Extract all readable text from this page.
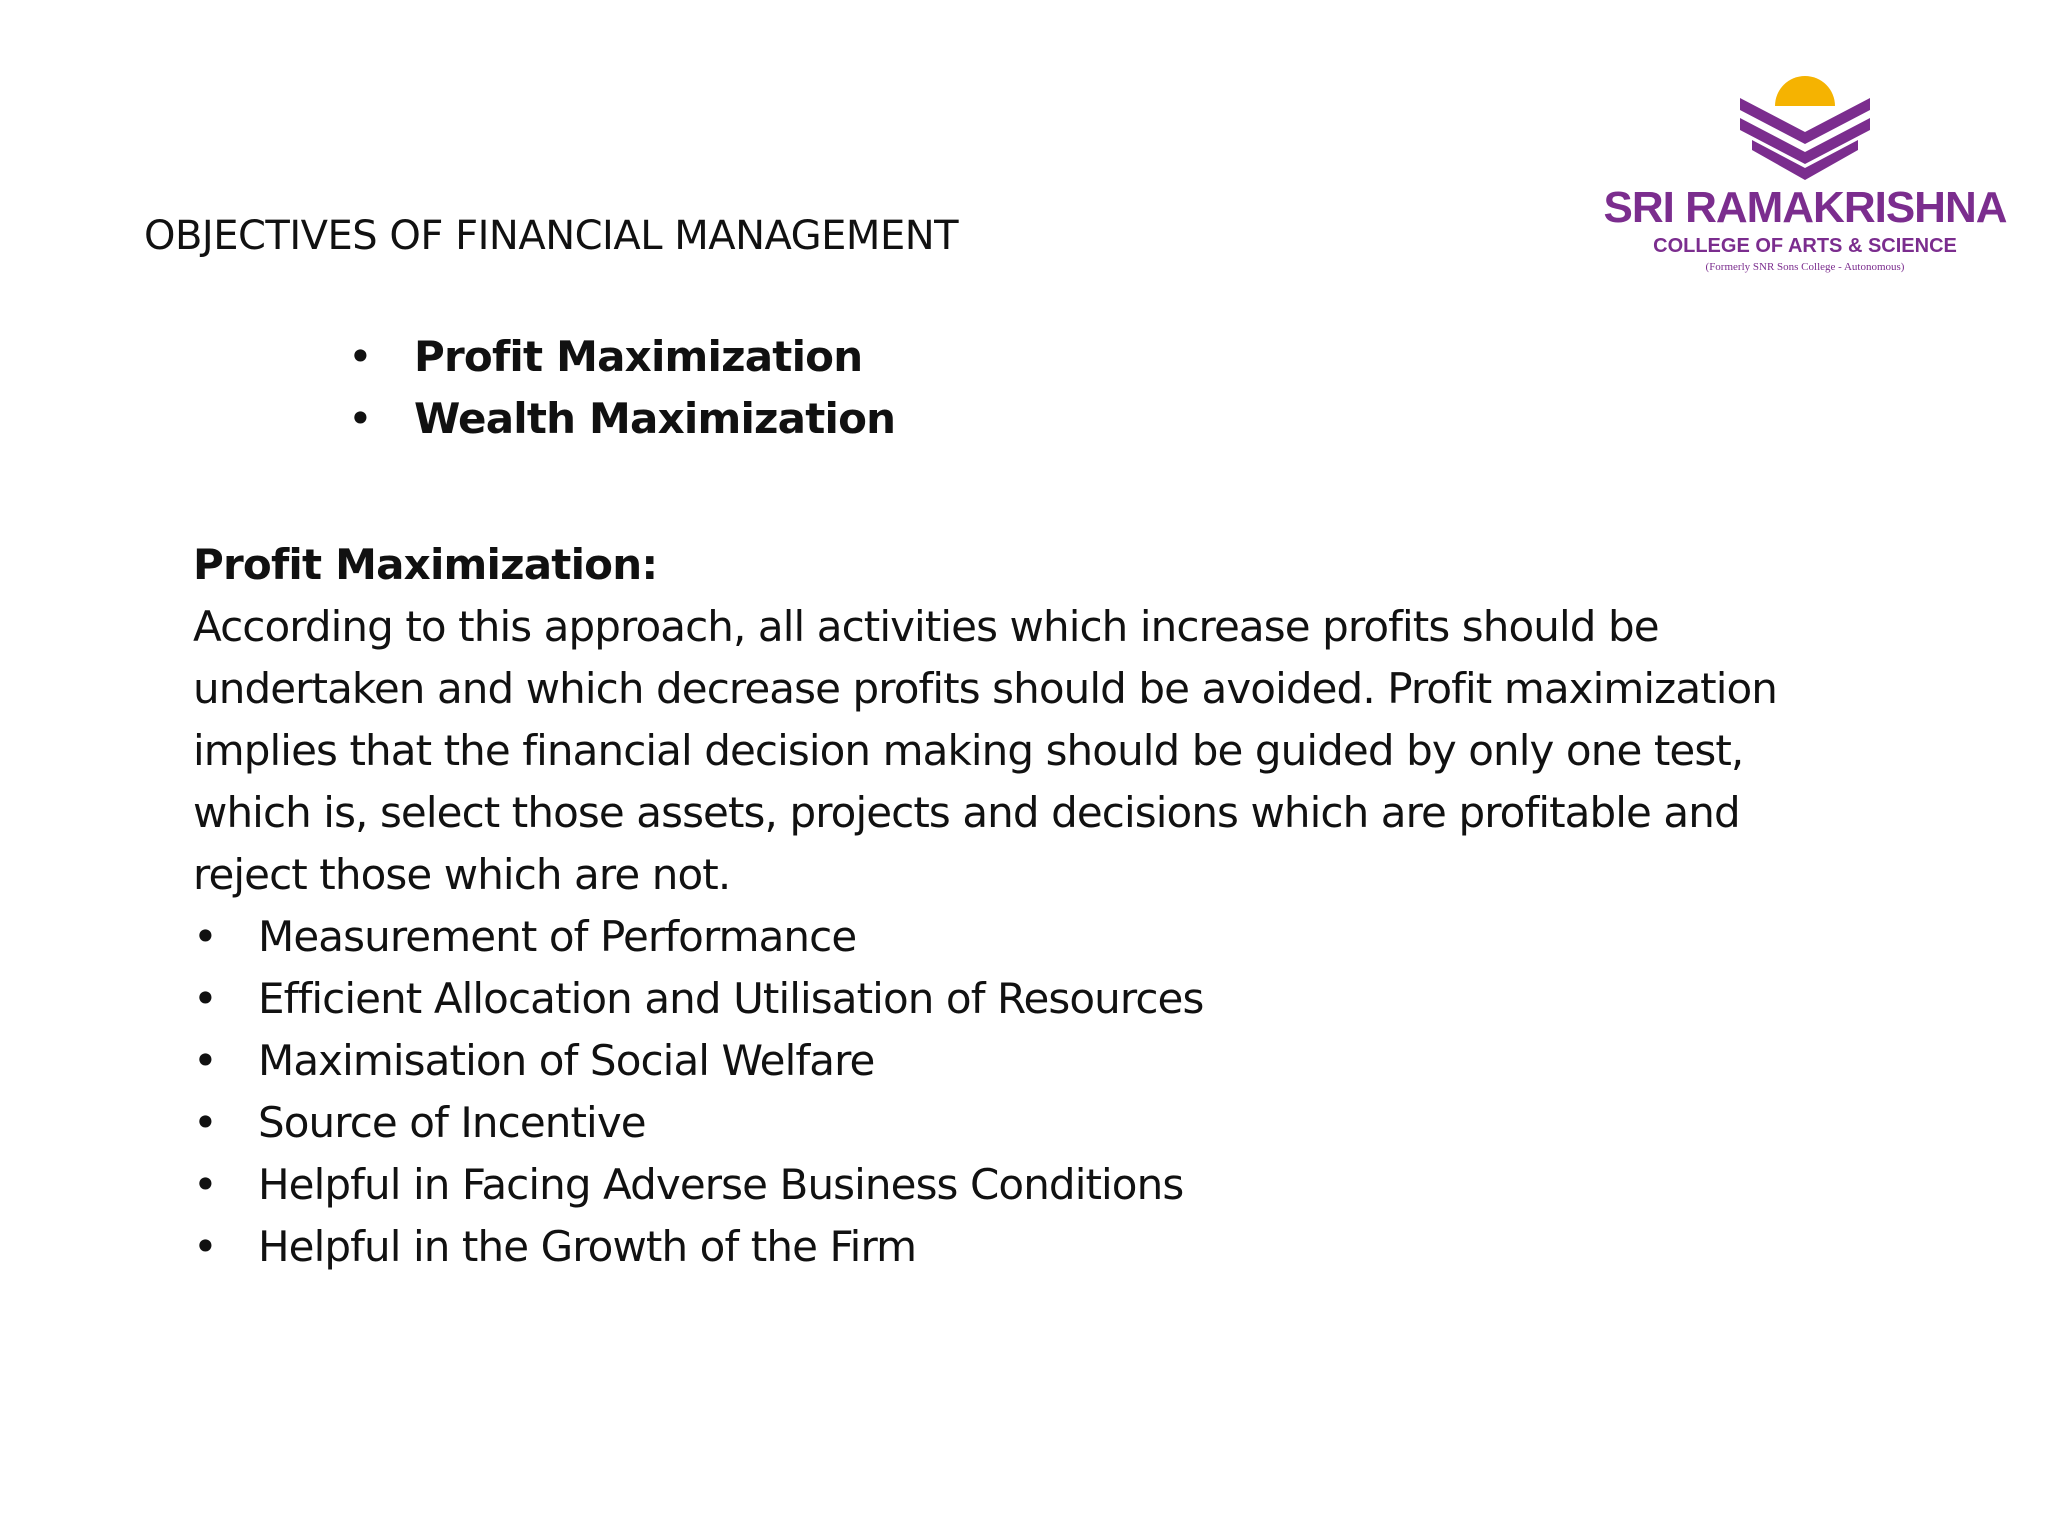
SRI RAMAKRISHNA
COLLEGE OF ARTS & SCIENCE
(Formerly SNR Sons College - Autonomous)
OBJECTIVES OF FINANCIAL MANAGEMENT
• Profit Maximization
• Wealth Maximization
Profit Maximization:
According to this approach, all activities which increase profits should be
undertaken and which decrease profits should be avoided. Profit maximization
implies that the financial decision making should be guided by only one test,
which is, select those assets, projects and decisions which are profitable and
reject those which are not.
• Measurement of Performance
• Efficient Allocation and Utilisation of Resources
• Maximisation of Social Welfare
• Source of Incentive
• Helpful in Facing Adverse Business Conditions
• Helpful in the Growth of the Firm
